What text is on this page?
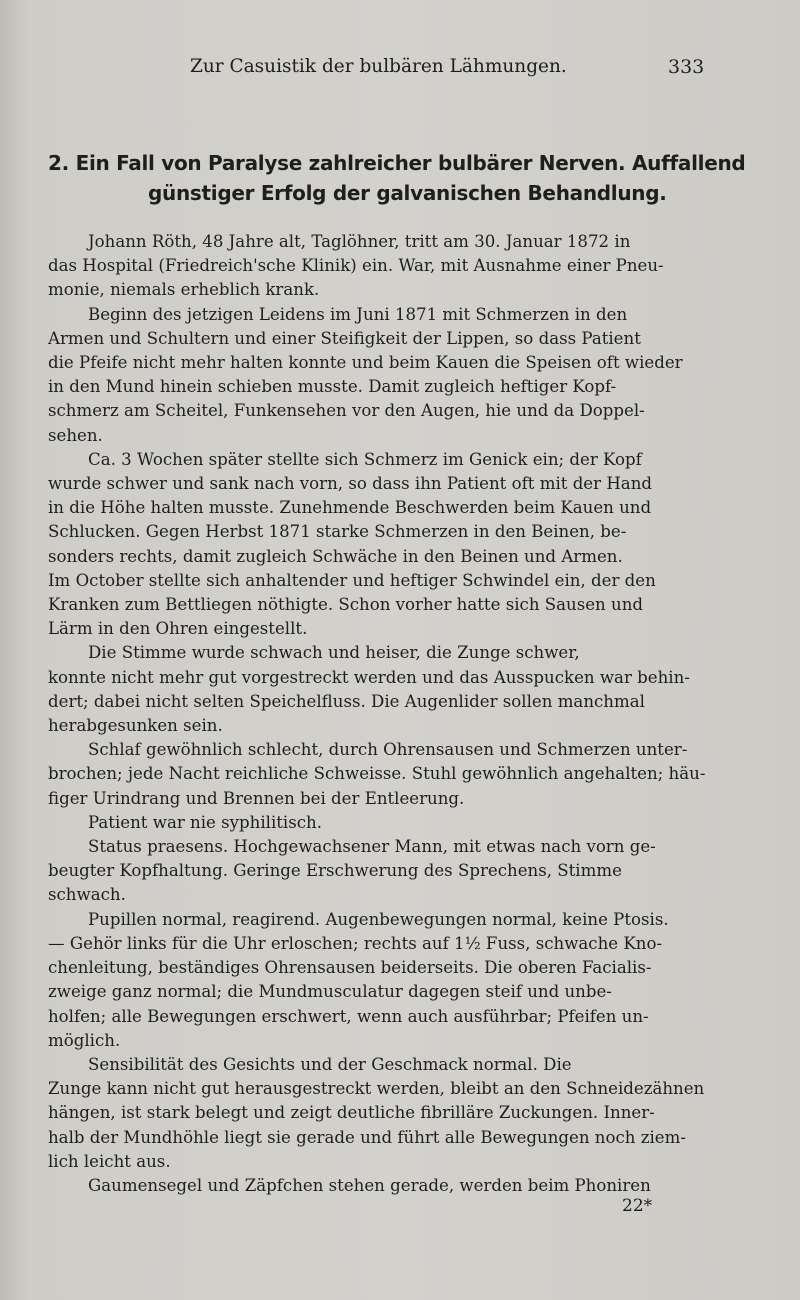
Zur Casuistik der bulbären Lähmungen.	333
2. Ein Fall von Paralyse zahlreicher bulbärer Nerven. Auffallend
günstiger Erfolg der galvanischen Behandlung.
Johann Röth, 48 Jahre alt, Taglöhner, tritt am 30. Januar 1872 in
das Hospital (Friedreich'sche Klinik) ein. War, mit Ausnahme einer Pneu-
monie, niemals erheblich krank.
Beginn des jetzigen Leidens im Juni 1871 mit Schmerzen in den
Armen und Schultern und einer Steifigkeit der Lippen, so dass Patient
die Pfeife nicht mehr halten konnte und beim Kauen die Speisen oft wieder
in den Mund hinein schieben musste. Damit zugleich heftiger Kopf-
schmerz am Scheitel, Funkensehen vor den Augen, hie und da Doppel-
sehen.
Ca. 3 Wochen später stellte sich Schmerz im Genick ein; der Kopf
wurde schwer und sank nach vorn, so dass ihn Patient oft mit der Hand
in die Höhe halten musste. Zunehmende Beschwerden beim Kauen und
Schlucken. Gegen Herbst 1871 starke Schmerzen in den Beinen, be-
sonders rechts, damit zugleich Schwäche in den Beinen und Armen.
Im October stellte sich anhaltender und heftiger Schwindel ein, der den
Kranken zum Bettliegen nöthigte. Schon vorher hatte sich Sausen und
Lärm in den Ohren eingestellt.
Die Stimme wurde schwach und heiser, die Zunge schwer,
konnte nicht mehr gut vorgestreckt werden und das Ausspucken war behin-
dert; dabei nicht selten Speichelfluss. Die Augenlider sollen manchmal
herabgesunken sein.
Schlaf gewöhnlich schlecht, durch Ohrensausen und Schmerzen unter-
brochen; jede Nacht reichliche Schweisse. Stuhl gewöhnlich angehalten; häu-
figer Urindrang und Brennen bei der Entleerung.
Patient war nie syphilitisch.
Status praesens. Hochgewachsener Mann, mit etwas nach vorn ge-
beugter Kopfhaltung. Geringe Erschwerung des Sprechens, Stimme
schwach.
Pupillen normal, reagirend. Augenbewegungen normal, keine Ptosis.
— Gehör links für die Uhr erloschen; rechts auf 1½ Fuss, schwache Kno-
chenleitung, beständiges Ohrensausen beiderseits. Die oberen Facialis-
zweige ganz normal; die Mundmusculatur dagegen steif und unbe-
holfen; alle Bewegungen erschwert, wenn auch ausführbar; Pfeifen un-
möglich.
Sensibilität des Gesichts und der Geschmack normal. Die
Zunge kann nicht gut herausgestreckt werden, bleibt an den Schneidezähnen
hängen, ist stark belegt und zeigt deutliche fibrilläre Zuckungen. Inner-
halb der Mundhöhle liegt sie gerade und führt alle Bewegungen noch ziem-
lich leicht aus.
Gaumensegel und Zäpfchen stehen gerade, werden beim Phoniren
22*
